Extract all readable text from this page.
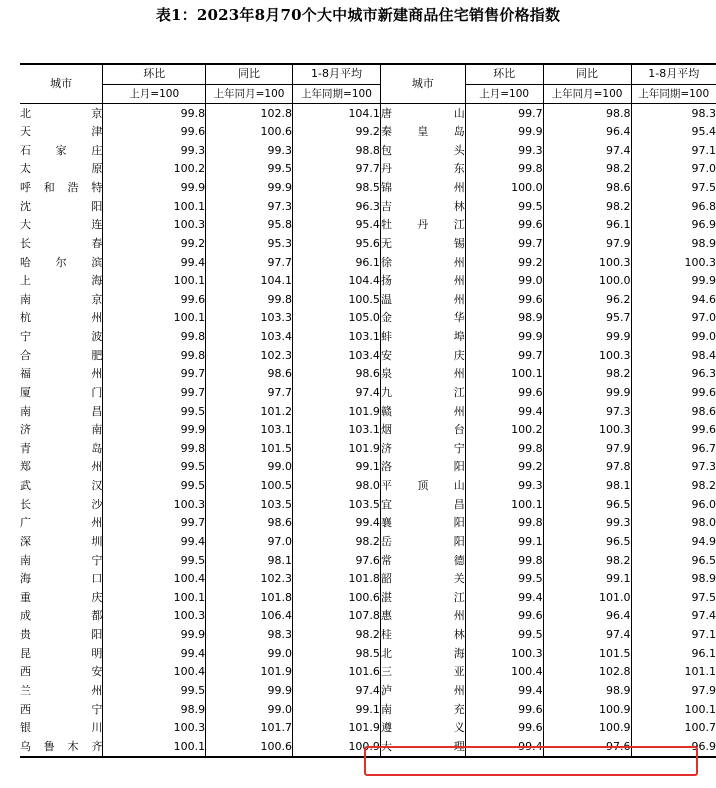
表1：2023年8月70个大中城市新建商品住宅销售价格指数
城市	环比	同比	1-8月平均	城市	环比	同比	1-8月平均
	上月=100	上年同月=100	上年同期=100		上月=100	上年同月=100	上年同期=100
北京	99.8	102.8	104.1	唐山	99.7	98.8	98.3
天津	99.6	100.6	99.2	秦皇岛	99.9	96.4	95.4
石家庄	99.3	99.3	98.8	包头	99.3	97.4	97.1
太原	100.2	99.5	97.7	丹东	99.8	98.2	97.0
呼和浩特	99.9	99.9	98.5	锦州	100.0	98.6	97.5
沈阳	100.1	97.3	96.3	吉林	99.5	98.2	96.8
大连	100.3	95.8	95.4	牡丹江	99.6	96.1	96.9
长春	99.2	95.3	95.6	无锡	99.7	97.9	98.9
哈尔滨	99.4	97.7	96.1	徐州	99.2	100.3	100.3
上海	100.1	104.1	104.4	扬州	99.0	100.0	99.9
南京	99.6	99.8	100.5	温州	99.6	96.2	94.6
杭州	100.1	103.3	105.0	金华	98.9	95.7	97.0
宁波	99.8	103.4	103.1	蚌埠	99.9	99.9	99.0
合肥	99.8	102.3	103.4	安庆	99.7	100.3	98.4
福州	99.7	98.6	98.6	泉州	100.1	98.2	96.3
厦门	99.7	97.7	97.4	九江	99.6	99.9	99.6
南昌	99.5	101.2	101.9	赣州	99.4	97.3	98.6
济南	99.9	103.1	103.1	烟台	100.2	100.3	99.6
青岛	99.8	101.5	101.9	济宁	99.8	97.9	96.7
郑州	99.5	99.0	99.1	洛阳	99.2	97.8	97.3
武汉	99.5	100.5	98.0	平顶山	99.3	98.1	98.2
长沙	100.3	103.5	103.5	宜昌	100.1	96.5	96.0
广州	99.7	98.6	99.4	襄阳	99.8	99.3	98.0
深圳	99.4	97.0	98.2	岳阳	99.1	96.5	94.9
南宁	99.5	98.1	97.6	常德	99.8	98.2	96.5
海口	100.4	102.3	101.8	韶关	99.5	99.1	98.9
重庆	100.1	101.8	100.6	湛江	99.4	101.0	97.5
成都	100.3	106.4	107.8	惠州	99.6	96.4	97.4
贵阳	99.9	98.3	98.2	桂林	99.5	97.4	97.1
昆明	99.4	99.0	98.5	北海	100.3	101.5	96.1
西安	100.4	101.9	101.6	三亚	100.4	102.8	101.1
兰州	99.5	99.9	97.4	泸州	99.4	98.9	97.9
西宁	98.9	99.0	99.1	南充	99.6	100.9	100.1
银川	100.3	101.7	101.9	遵义	99.6	100.9	100.7
乌鲁木齐	100.1	100.6	100.9	大理	99.4	97.6	96.9
